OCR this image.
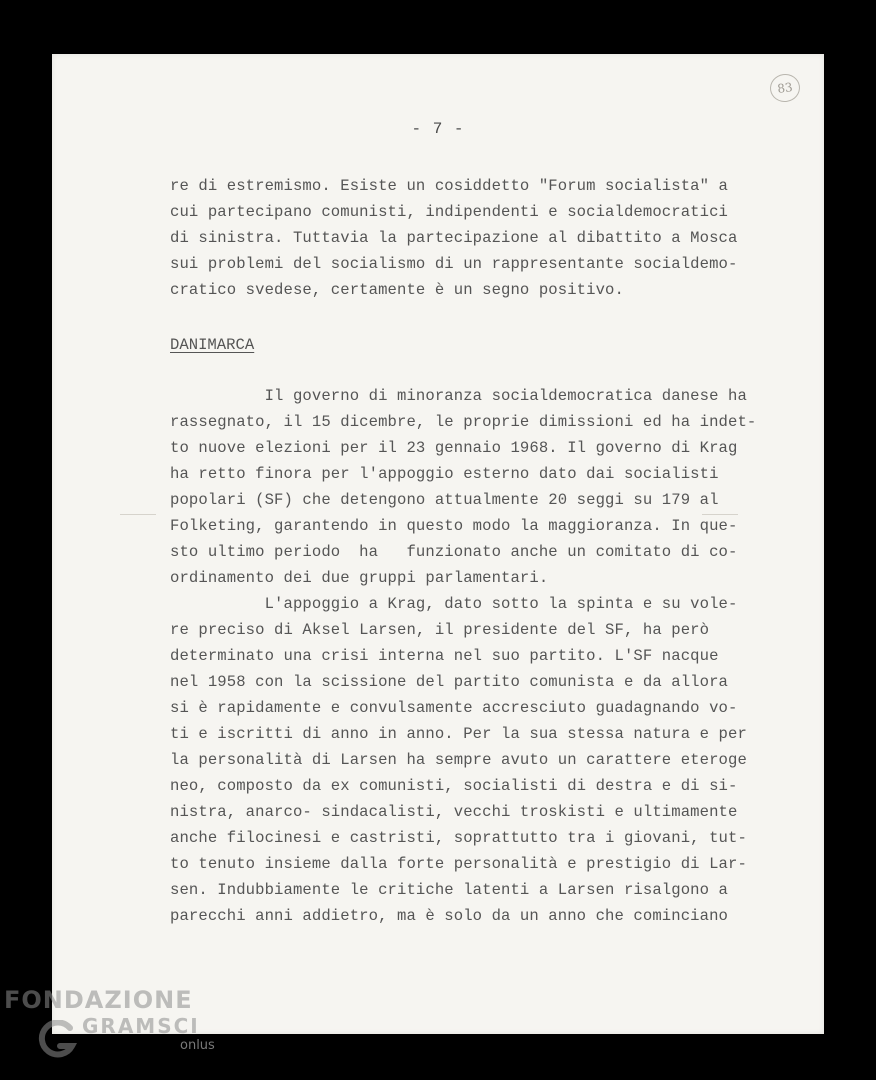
83
- 7 -
re di estremismo. Esiste un cosiddetto "Forum socialista" a
cui partecipano comunisti, indipendenti e socialdemocratici
di sinistra. Tuttavia la partecipazione al dibattito a Mosca
sui problemi del socialismo di un rappresentante socialdemo-
cratico svedese, certamente è un segno positivo.
DANIMARCA
Il governo di minoranza socialdemocratica danese ha
rassegnato, il 15 dicembre, le proprie dimissioni ed ha indet-
to nuove elezioni per il 23 gennaio 1968. Il governo di Krag
ha retto finora per l'appoggio esterno dato dai socialisti
popolari (SF) che detengono attualmente 20 seggi su 179 al
Folketing, garantendo in questo modo la maggioranza. In que-
sto ultimo periodo  ha   funzionato anche un comitato di co-
ordinamento dei due gruppi parlamentari.
L'appoggio a Krag, dato sotto la spinta e su vole-
re preciso di Aksel Larsen, il presidente del SF, ha però
determinato una crisi interna nel suo partito. L'SF nacque
nel 1958 con la scissione del partito comunista e da allora
si è rapidamente e convulsamente accresciuto guadagnando vo-
ti e iscritti di anno in anno. Per la sua stessa natura e per
la personalità di Larsen ha sempre avuto un carattere eteroge
neo, composto da ex comunisti, socialisti di destra e di si-
nistra, anarco- sindacalisti, vecchi troskisti e ultimamente
anche filocinesi e castristi, soprattutto tra i giovani, tut-
to tenuto insieme dalla forte personalità e prestigio di Lar-
sen. Indubbiamente le critiche latenti a Larsen risalgono a
parecchi anni addietro, ma è solo da un anno che cominciano
FONDAZIONE
GRAMSCI
onlus
